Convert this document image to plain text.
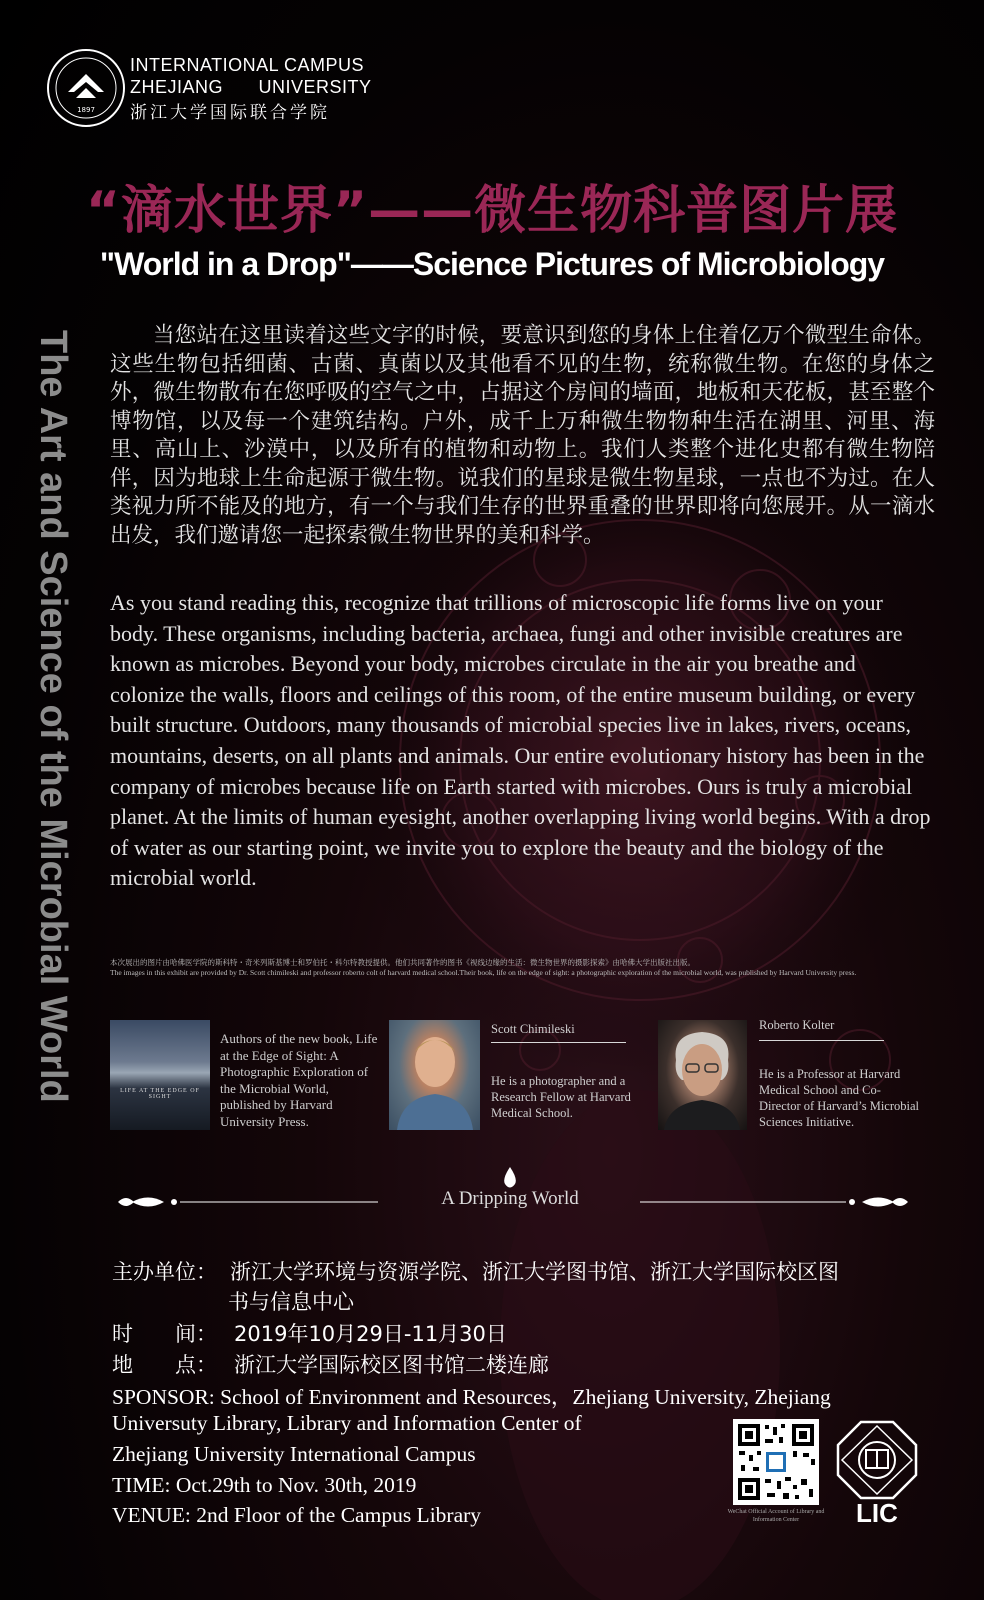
1897
INTERNATIONAL CAMPUS
ZHEJIANG UNIVERSITY
浙江大学国际联合学院
“滴水世界”——微生物科普图片展
"World in a Drop"——Science Pictures of Microbiology
The Art and Science of the Microbial World	当您站在这里读着这些文字的时候，要意识到您的身体上住着亿万个微型生命体。这些生物包括细菌、古菌、真菌以及其他看不见的生物，统称微生物。在您的身体之外，微生物散布在您呼吸的空气之中，占据这个房间的墙面，地板和天花板，甚至整个博物馆，以及每一个建筑结构。户外，成千上万种微生物物种生活在湖里、河里、海里、高山上、沙漠中，以及所有的植物和动物上。我们人类整个进化史都有微生物陪伴，因为地球上生命起源于微生物。说我们的星球是微生物星球，一点也不为过。在人类视力所不能及的地方，有一个与我们生存的世界重叠的世界即将向您展开。从一滴水出发，我们邀请您一起探索微生物世界的美和科学。
As you stand reading this, recognize that trillions of microscopic life forms live on your body. These organisms, including bacteria, archaea, fungi and other invisible creatures are known as microbes. Beyond your body, microbes circulate in the air you breathe and colonize the walls, floors and ceilings of this room, of the entire museum building, or every built structure. Outdoors, many thousands of microbial species live in lakes, rivers, oceans, mountains, deserts, on all plants and animals. Our entire evolutionary history has been in the company of microbes because life on Earth started with microbes. Ours is truly a microbial planet. At the limits of human eyesight, another overlapping living world begins. With a drop of water as our starting point, we invite you to explore the beauty and the biology of the microbial world.
本次展出的图片由哈佛医学院的斯科特・奇米列斯基博士和罗伯托・科尔特教授提供。他们共同著作的图书《视线边缘的生活：微生物世界的摄影探索》由哈佛大学出版社出版。
The images in this exhibit are provided by Dr. Scott chimileski and professor roberto colt of harvard medical school.Their book, life on the edge of sight: a photographic exploration of the microbial world, was published by Harvard University press.
LIFE AT THE EDGE OF SIGHT
Authors of the new book, Life at the Edge of Sight: A Photographic Exploration of the Microbial World, published by Harvard University Press.
Scott Chimileski
He is a photographer and a Research Fellow at Harvard Medical School.
Roberto Kolter
He is a Professor at Harvard Medical School and Co-Director of Harvard’s Microbial Sciences Initiative.
A Dripping World
主办单位： 浙江大学环境与资源学院、浙江大学图书馆、浙江大学国际校区图
书与信息中心
时　　间： 2019年10月29日-11月30日
地　　点： 浙江大学国际校区图书馆二楼连廊
SPONSOR: School of Environment and Resources，Zhejiang University, Zhejiang
Universuty Library, Library and Information Center of
Zhejiang University International Campus
TIME: Oct.29th to Nov. 30th, 2019
VENUE: 2nd Floor of the Campus Library	WeChat Official Account of Library and Information Center	LIC
